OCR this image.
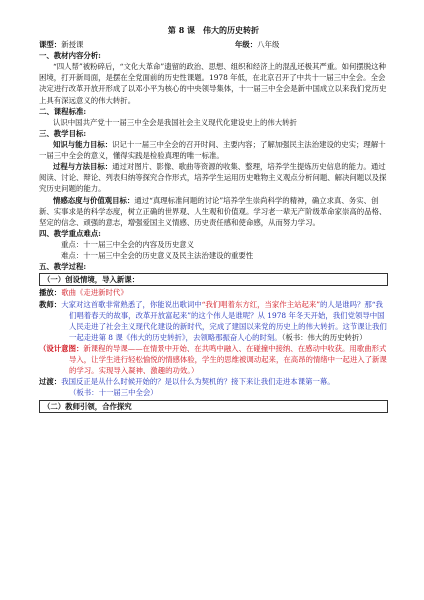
第 8 课　伟大的历史转折

课型：新授课	年级：八年级

一、教材内容分析:

“四人帮”被粉碎后，“文化大革命”遗留的政治、思想、组织和经济上的混乱还极其严重。如何摆脱这种困境，打开新局面，是摆在全党面前的历史性课题。1978 年低，在北京召开了中共十一届三中全会。全会决定进行改革开放开形成了以邓小平为核心的中央领导集体，十一届三中全会是新中国成立以来我们党历史上具有深远意义的伟大转折。

二、课程标准:

认识中国共产党十一届三中全会是我国社会主义现代化建设史上的伟大转折

三、教学目标:

知识与能力目标：识记十一届三中全会的召开时间、主要内容；了解加强民主法治建设的史实；理解十一届三中全会的意义，懂得实践是检验真理的唯一标准。

过程与方法目标：通过对图片、影像、歌曲等资源的收集、整理，培养学生提炼历史信息的能力。通过阅读、讨论、辩论、列表归纳等探究合作形式，培养学生运用历史唯物主义观点分析问题、解决问题以及探究历史问题的能力。

情感态度与价值观目标：通过“真理标准问题的讨论”培养学生崇尚科学的精神，确立求真、务实、创新、实事求是的科学态度，树立正确的世界观、人生观和价值观。学习老一辈无产阶级革命家崇高的品格、坚定的信念、顽强的意志，增强爱国主义情感、历史责任感和使命感，从而努力学习。

四、教学重点难点:

重点：十一届三中全会的内容及历史意义

难点：十一届三中全会的历史意义及民主法治建设的重要性

五、教学过程:

（一）创设情境，导入新课：

播放：歌曲《走进新时代》

教师：大家对这首歌非常熟悉了，你能说出歌词中“我们唱着东方红，当家作主站起来”的人是谁吗？那“我们唱着春天的故事，改革开放富起来”的这个伟人是谁呢？从 1978 年冬天开始，我们党领导中国人民走进了社会主义现代化建设的新时代，完成了建国以来党的历史上的伟大转折。这节课让我们一起走进第 8 课《伟大的历史转折》，去领略那振奋人心的时刻。（板书：伟大的历史转折）

（设计意图：新课程的导课——在情景中开始、在共鸣中融入、在碰撞中接纳、在感动中收获。用歌曲形式导入，让学生进行轻松愉悦的情感体验，学生的思维被调动起来，在高昂的情绪中一起进入了新课的学习。实现导入凝神、激趣的功效。）

过渡：我国反正是从什么时候开始的？是以什么为契机的？接下来让我们走进本课第一幕。

（板书：十一届三中全会）

（二）教师引领，合作探究
